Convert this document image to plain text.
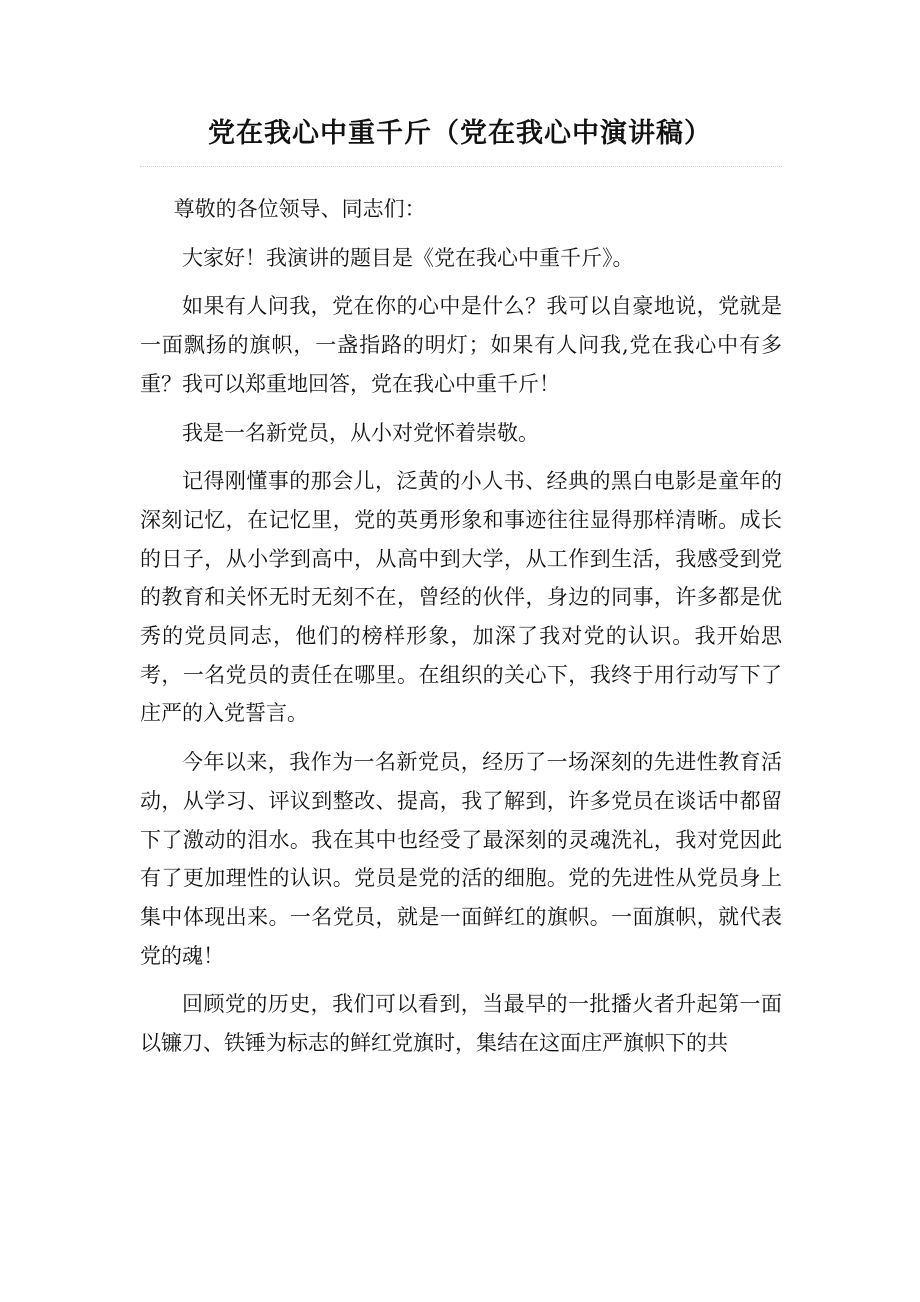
党在我心中重千斤（党在我心中演讲稿）

尊敬的各位领导、同志们：

大家好！我演讲的题目是《党在我心中重千斤》。

如果有人问我，党在你的心中是什么？我可以自豪地说，党就是一面飘扬的旗帜，一盏指路的明灯；如果有人问我,党在我心中有多重？我可以郑重地回答，党在我心中重千斤！

我是一名新党员，从小对党怀着崇敬。

记得刚懂事的那会儿，泛黄的小人书、经典的黑白电影是童年的深刻记忆，在记忆里，党的英勇形象和事迹往往显得那样清晰。成长的日子，从小学到高中，从高中到大学，从工作到生活，我感受到党的教育和关怀无时无刻不在，曾经的伙伴，身边的同事，许多都是优秀的党员同志，他们的榜样形象，加深了我对党的认识。我开始思考，一名党员的责任在哪里。在组织的关心下，我终于用行动写下了庄严的入党誓言。

今年以来，我作为一名新党员，经历了一场深刻的先进性教育活动，从学习、评议到整改、提高，我了解到，许多党员在谈话中都留下了激动的泪水。我在其中也经受了最深刻的灵魂洗礼，我对党因此有了更加理性的认识。党员是党的活的细胞。党的先进性从党员身上集中体现出来。一名党员，就是一面鲜红的旗帜。一面旗帜，就代表党的魂！

回顾党的历史，我们可以看到，当最早的一批播火者升起第一面以镰刀、铁锤为标志的鲜红党旗时，集结在这面庄严旗帜下的共
